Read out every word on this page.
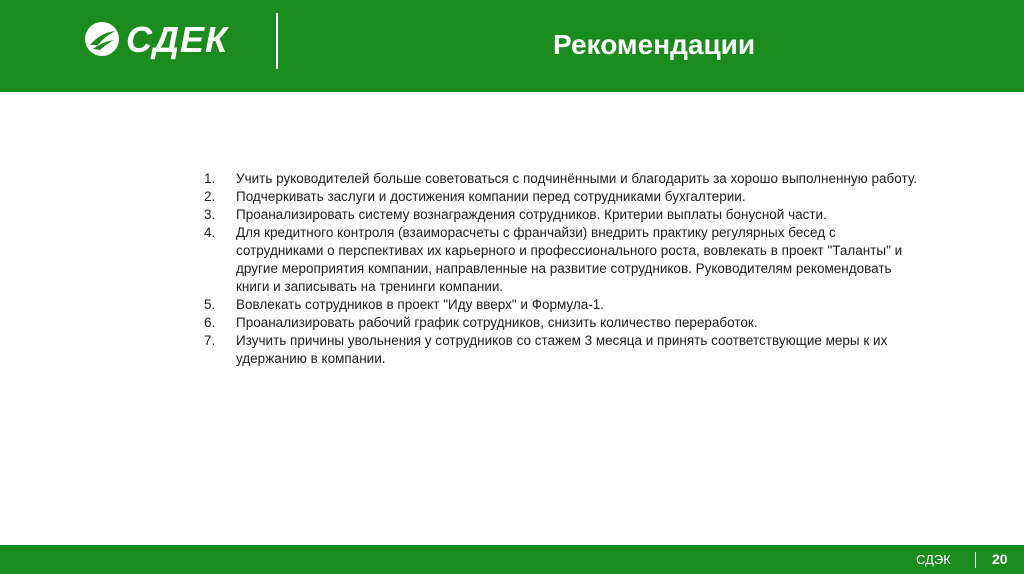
СДЕК	Рекомендации
1. Учить руководителей больше советоваться с подчинёнными и благодарить за хорошо выполненную работу.
2. Подчеркивать заслуги и достижения компании перед сотрудниками бухгалтерии.
3. Проанализировать систему вознаграждения сотрудников. Критерии выплаты бонусной части.
4. Для кредитного контроля (взаиморасчеты с франчайзи) внедрить практику регулярных бесед с сотрудниками о перспективах их карьерного и профессионального роста, вовлекать в проект "Таланты" и другие мероприятия компании, направленные на развитие сотрудников. Руководителям рекомендовать книги и записывать на тренинги компании.
5. Вовлекать сотрудников в проект "Иду вверх" и Формула-1.
6. Проанализировать рабочий график сотрудников, снизить количество переработок.
7. Изучить причины увольнения у сотрудников со стажем 3 месяца и принять соответствующие меры к их удержанию в компании.
СДЭК	20
